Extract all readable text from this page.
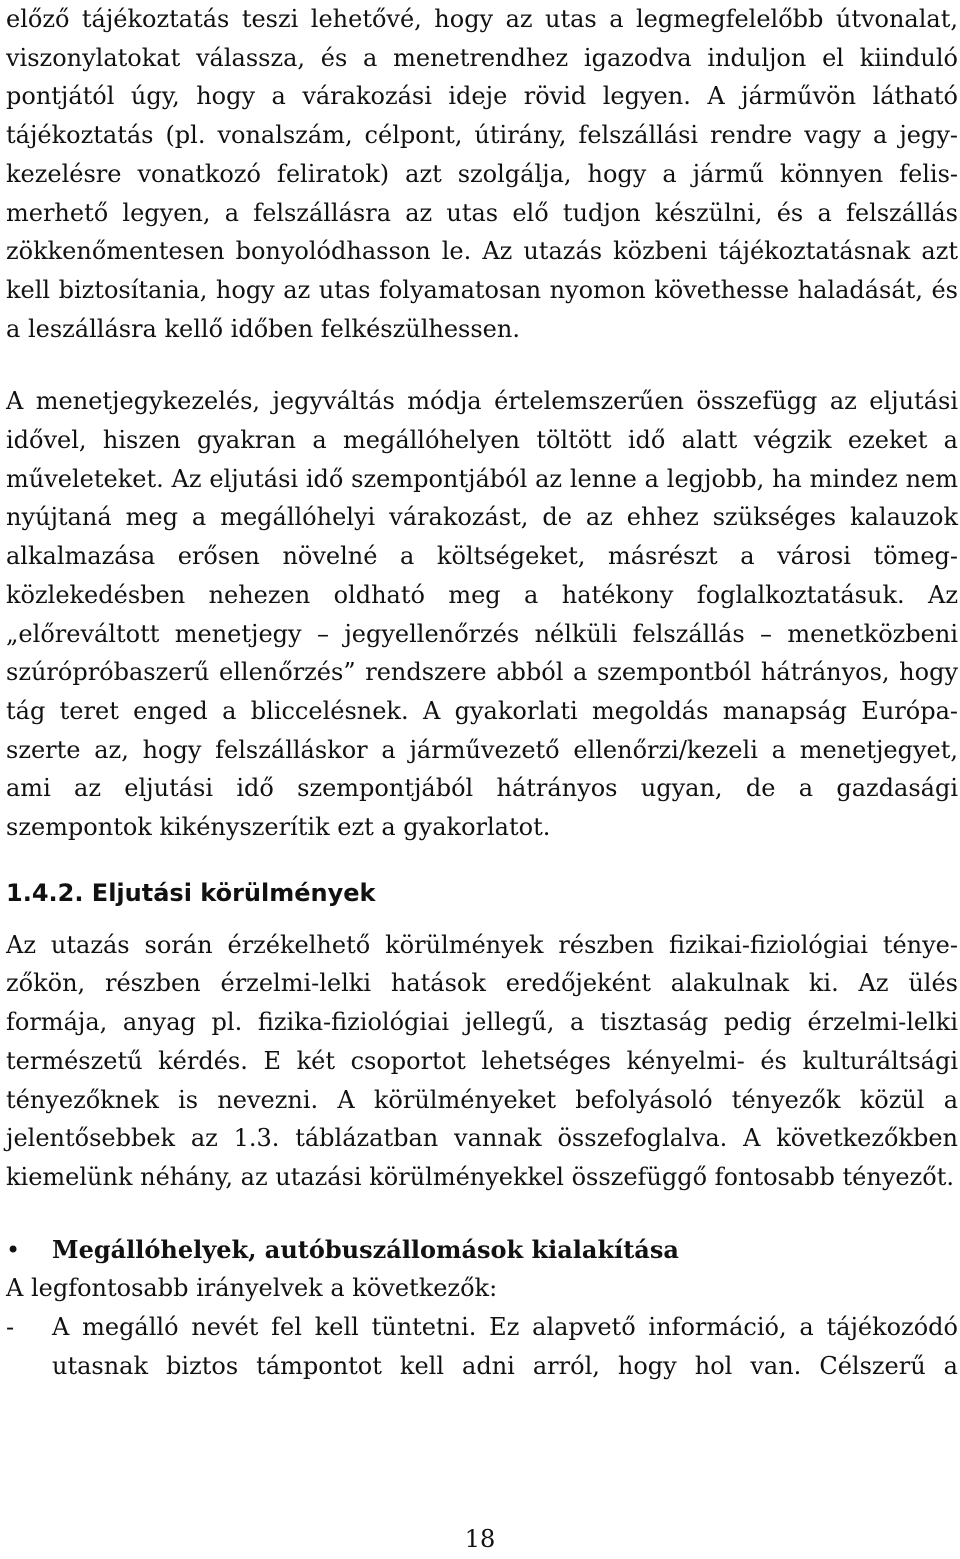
előző tájékoztatás teszi lehetővé, hogy az utas a legmegfelelőbb útvonalat, viszonylatokat válassza, és a menetrendhez igazodva induljon el kiinduló pontjától úgy, hogy a várakozási ideje rövid legyen. A járművön látható tájékoztatás (pl. vonalszám, célpont, útirány, felszállási rendre vagy a jegykezelésre vonatkozó feliratok) azt szolgálja, hogy a jármű könnyen felismerhető legyen, a felszállásra az utas elő tudjon készülni, és a felszállás zökkenőmentesen bonyolódhasson le. Az utazás közbeni tájékoztatásnak azt kell biztosítania, hogy az utas folyamatosan nyomon követhesse haladását, és a leszállásra kellő időben felkészülhessen.

A menetjegykezelés, jegyváltás módja értelemszerűen összefügg az eljutási idővel, hiszen gyakran a megállóhelyen töltött idő alatt végzik ezeket a műveleteket. Az eljutási idő szempontjából az lenne a legjobb, ha mindez nem nyújtaná meg a megállóhelyi várakozást, de az ehhez szükséges kalauzok alkalmazása erősen növelné a költségeket, másrészt a városi tömegközlekedésben nehezen oldható meg a hatékony foglalkoztatásuk. Az „előreváltott menetjegy – jegyellenőrzés nélküli felszállás – menetközbeni szúrópróbaszerű ellenőrzés” rendszere abból a szempontból hátrányos, hogy tág teret enged a bliccelésnek. A gyakorlati megoldás manapság Európa-szerte az, hogy felszálláskor a járművezető ellenőrzi/kezeli a menetjegyet, ami az eljutási idő szempontjából hátrányos ugyan, de a gazdasági szempontok kikényszerítik ezt a gyakorlatot.

1.4.2. Eljutási körülmények

Az utazás során érzékelhető körülmények részben fizikai-fiziológiai tényezőkön, részben érzelmi-lelki hatások eredőjeként alakulnak ki. Az ülés formája, anyag pl. fizika-fiziológiai jellegű, a tisztaság pedig érzelmi-lelki természetű kérdés. E két csoportot lehetséges kényelmi- és kulturáltsági tényezőknek is nevezni. A körülményeket befolyásoló tényezők közül a jelentősebbek az 1.3. táblázatban vannak összefoglalva. A következőkben kiemelünk néhány, az utazási körülményekkel összefüggő fontosabb tényezőt.

•	Megállóhelyek, autóbuszállomások kialakítása

A legfontosabb irányelvek a következők:

-	A megálló nevét fel kell tüntetni. Ez alapvető információ, a tájékozódó
utasnak biztos támpontot kell adni arról, hogy hol van. Célszerű a
18
